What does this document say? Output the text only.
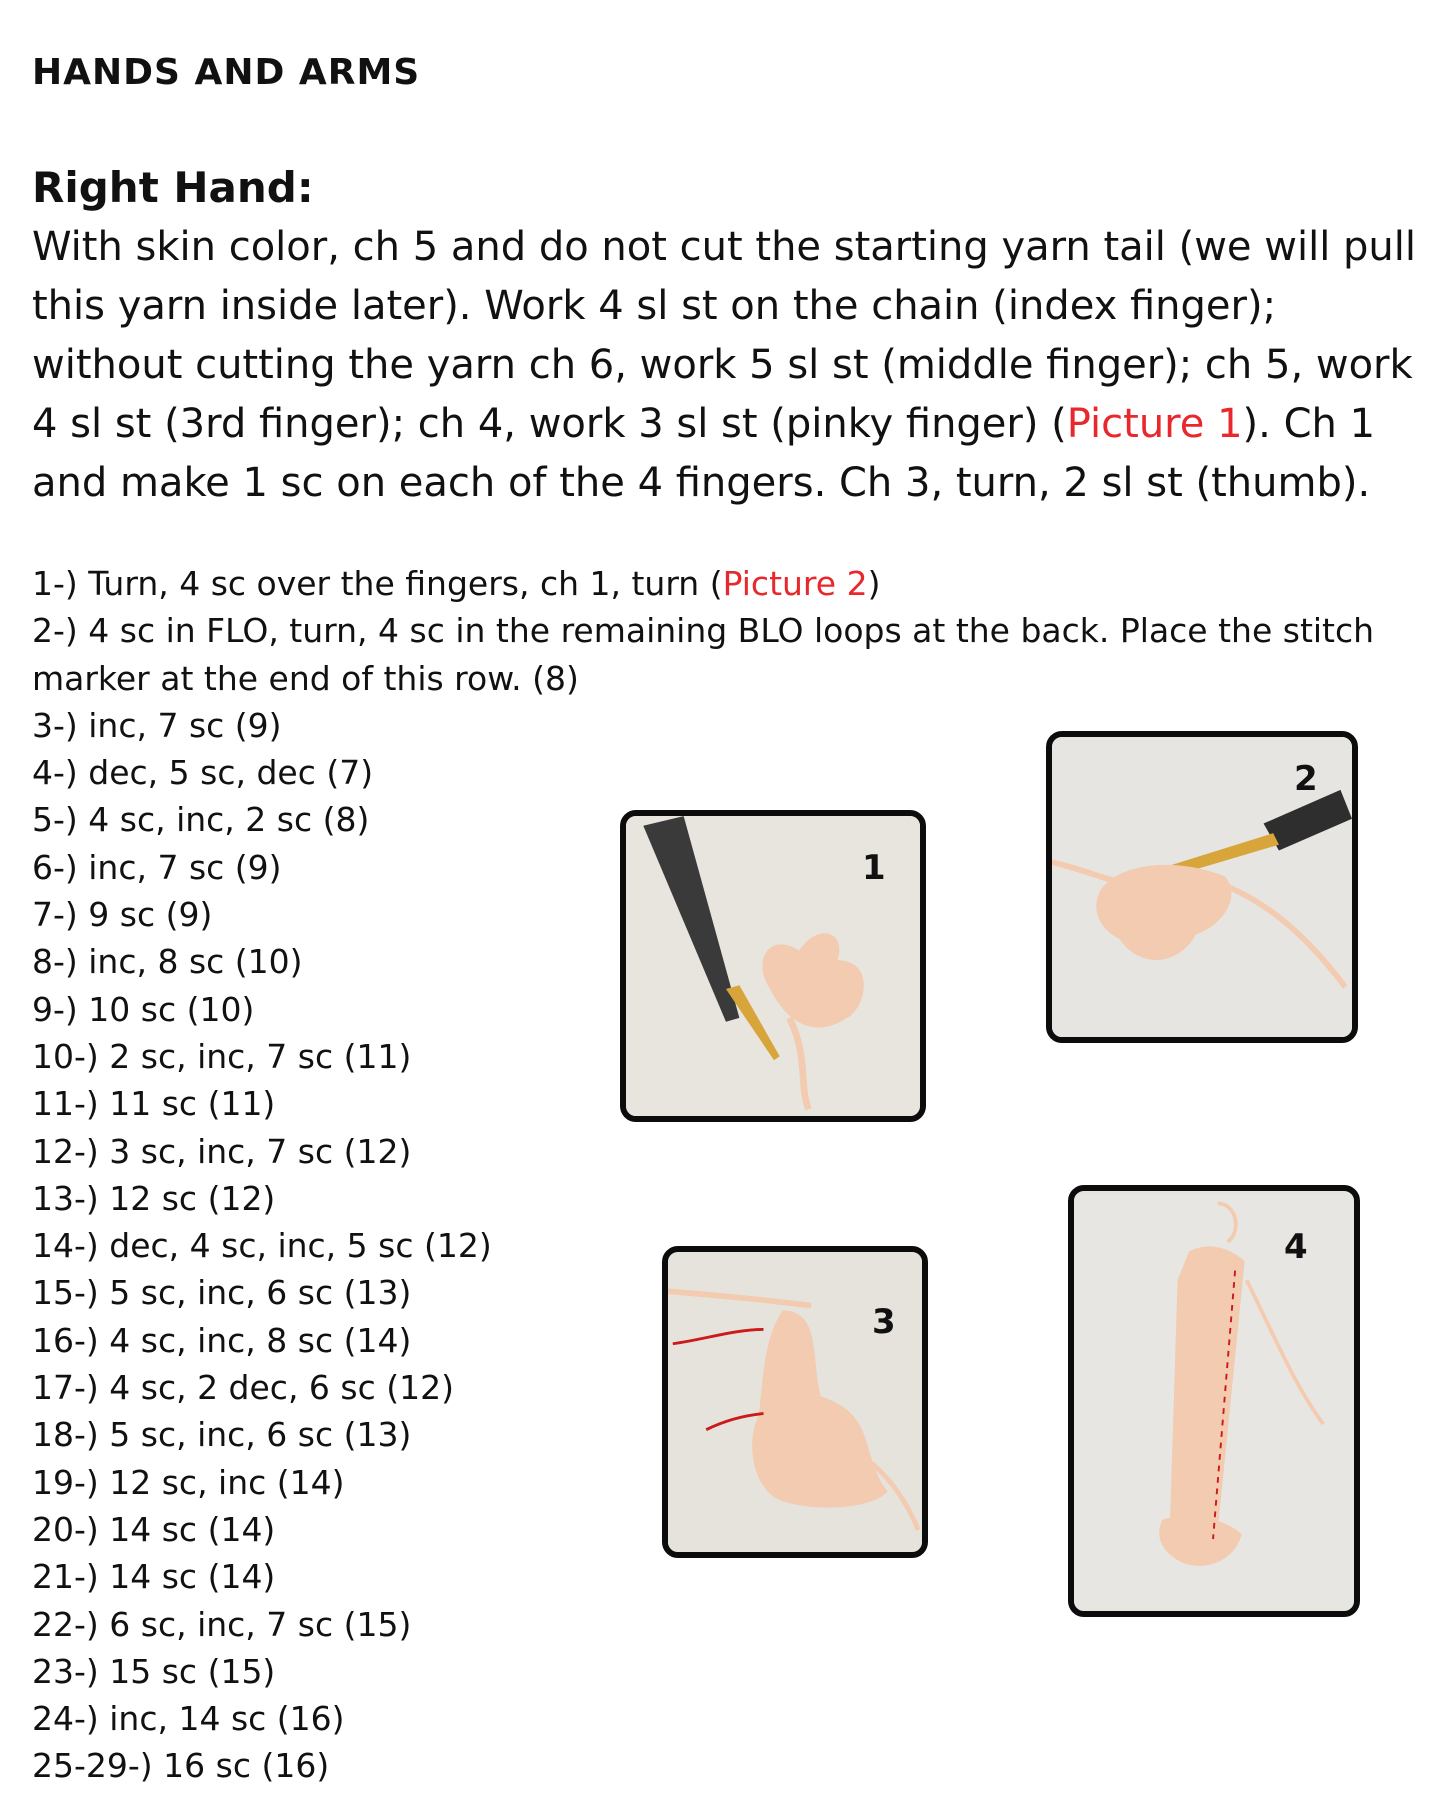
HANDS AND ARMS
Right Hand:
With skin color, ch 5 and do not cut the starting yarn tail (we will pull
this yarn inside later). Work 4 sl st on the chain (index finger);
without cutting the yarn ch 6, work 5 sl st (middle finger); ch 5, work
4 sl st (3rd finger); ch 4, work 3 sl st (pinky finger) (Picture 1). Ch 1
and make 1 sc on each of the 4 fingers. Ch 3, turn, 2 sl st (thumb).
1-) Turn, 4 sc over the fingers, ch 1, turn (Picture 2)
2-) 4 sc in FLO, turn, 4 sc in the remaining BLO loops at the back. Place the stitch
marker at the end of this row. (8)
3-) inc, 7 sc (9)
4-) dec, 5 sc, dec (7)
5-) 4 sc, inc, 2 sc (8)
6-) inc, 7 sc (9)
7-) 9 sc (9)
8-) inc, 8 sc (10)
9-) 10 sc (10)
10-) 2 sc, inc, 7 sc (11)
11-) 11 sc (11)
12-) 3 sc, inc, 7 sc (12)
13-) 12 sc (12)
14-) dec, 4 sc, inc, 5 sc (12)
15-) 5 sc, inc, 6 sc (13)
16-) 4 sc, inc, 8 sc (14)
17-) 4 sc, 2 dec, 6 sc (12)
18-) 5 sc, inc, 6 sc (13)
19-) 12 sc, inc (14)
20-) 14 sc (14)
21-) 14 sc (14)
22-) 6 sc, inc, 7 sc (15)
23-) 15 sc (15)
24-) inc, 14 sc (16)
25-29-) 16 sc (16)
1
2
3
4
